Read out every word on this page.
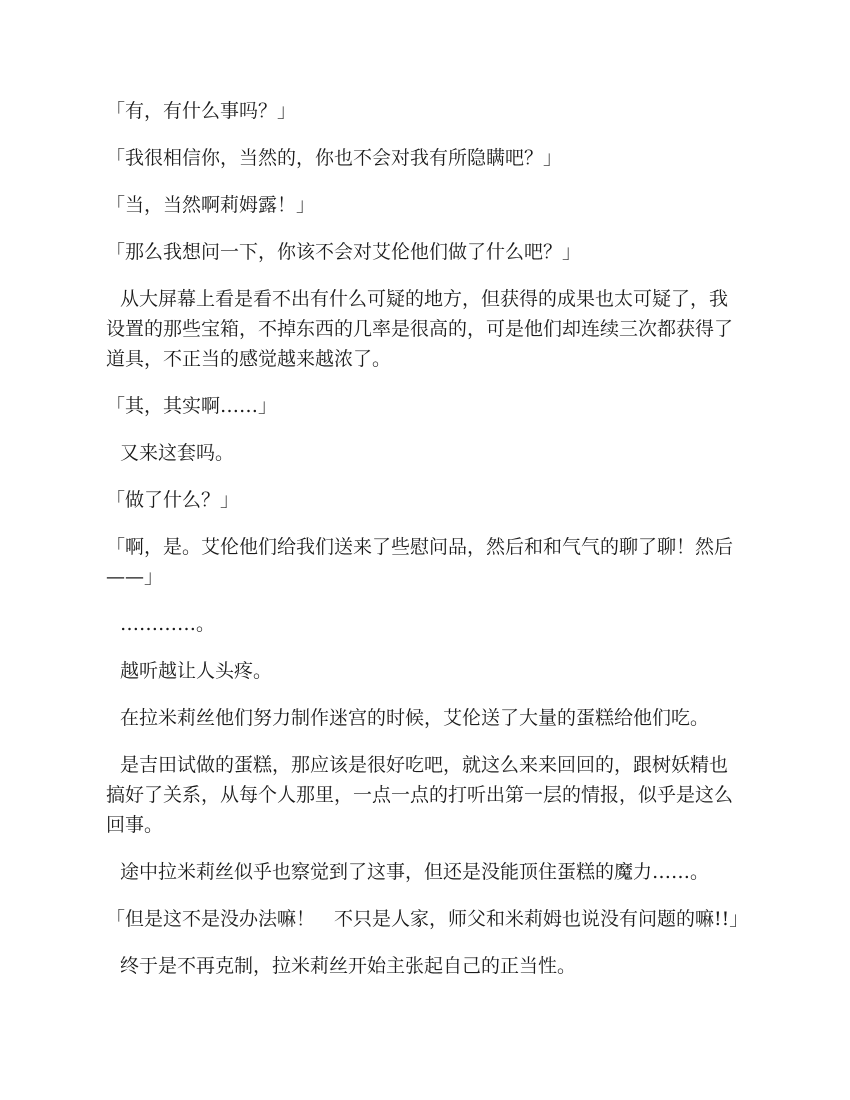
「有，有什么事吗？」

「我很相信你，当然的，你也不会对我有所隐瞒吧？」

「当，当然啊莉姆露！」

「那么我想问一下，你该不会对艾伦他们做了什么吧？」

从大屏幕上看是看不出有什么可疑的地方，但获得的成果也太可疑了，我设置的那些宝箱，不掉东西的几率是很高的，可是他们却连续三次都获得了道具，不正当的感觉越来越浓了。

「其，其实啊……」

又来这套吗。

「做了什么？」

「啊，是。艾伦他们给我们送来了些慰问品，然后和和气气的聊了聊！然后——」

…………。

越听越让人头疼。

在拉米莉丝他们努力制作迷宫的时候，艾伦送了大量的蛋糕给他们吃。

是吉田试做的蛋糕，那应该是很好吃吧，就这么来来回回的，跟树妖精也搞好了关系，从每个人那里，一点一点的打听出第一层的情报，似乎是这么回事。

途中拉米莉丝似乎也察觉到了这事，但还是没能顶住蛋糕的魔力……。

「但是这不是没办法嘛！　不只是人家，师父和米莉姆也说没有问题的嘛!!」

终于是不再克制，拉米莉丝开始主张起自己的正当性。
